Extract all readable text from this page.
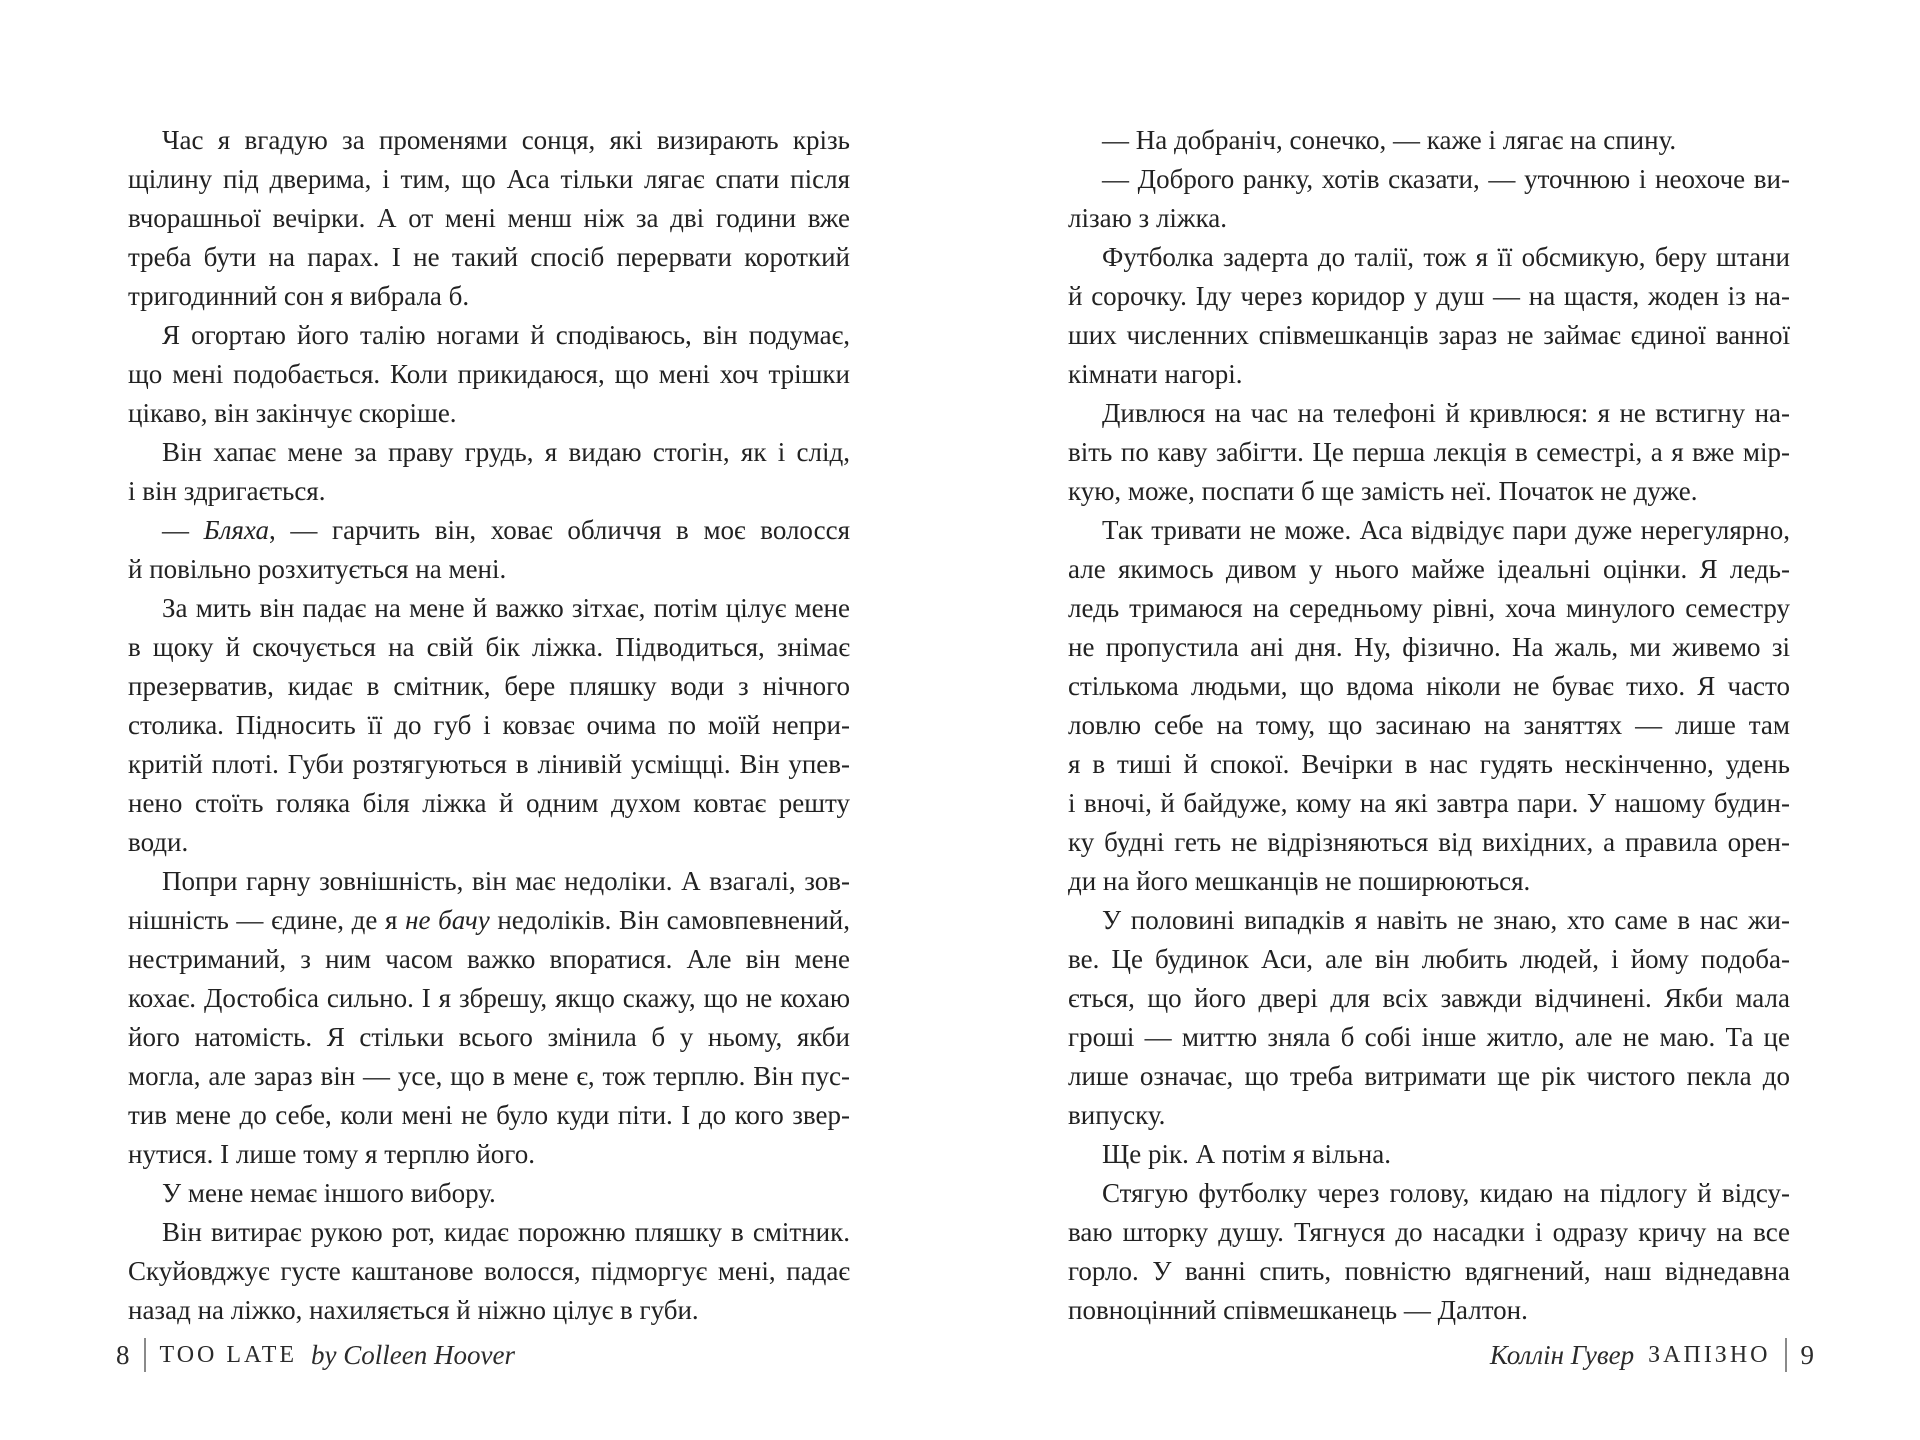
Час я вгадую за променями сонця, які визирають крізь
щілину під дверима, і тим, що Аса тільки лягає спати після
вчорашньої вечірки. А от мені менш ніж за дві години вже
треба бути на парах. І не такий спосіб перервати короткий
тригодинний сон я вибрала б.
Я огортаю його талію ногами й сподіваюсь, він подумає,
що мені подобається. Коли прикидаюся, що мені хоч трішки
цікаво, він закінчує скоріше.
Він хапає мене за праву грудь, я видаю стогін, як і слід,
і він здригається.
— Бляха, — гарчить він, ховає обличчя в моє волосся
й повільно розхитується на мені.
За мить він падає на мене й важко зітхає, потім цілує мене
в щоку й скочується на свій бік ліжка. Підводиться, знімає
презерватив, кидає в смітник, бере пляшку води з нічного
столика. Підносить її до губ і ковзає очима по моїй непри-
критій плоті. Губи розтягуються в лінивій усміщці. Він упев-
нено стоїть голяка біля ліжка й одним духом ковтає решту
води.
Попри гарну зовнішність, він має недоліки. А взагалі, зов-
нішність — єдине, де я не бачу недоліків. Він самовпевнений,
нестриманий, з ним часом важко впоратися. Але він мене
кохає. Достобіса сильно. І я збрешу, якщо скажу, що не кохаю
його натомість. Я стільки всього змінила б у ньому, якби
могла, але зараз він — усе, що в мене є, тож терплю. Він пус-
тив мене до себе, коли мені не було куди піти. І до кого звер-
нутися. І лише тому я терплю його.
У мене немає іншого вибору.
Він витирає рукою рот, кидає порожню пляшку в смітник.
Скуйовджує густе каштанове волосся, підморгує мені, падає
назад на ліжко, нахиляється й ніжно цілує в губи.
— На добраніч, сонечко, — каже і лягає на спину.
— Доброго ранку, хотів сказати, — уточнюю і неохоче ви-
лізаю з ліжка.
Футболка задерта до талії, тож я її обсмикую, беру штани
й сорочку. Іду через коридор у душ — на щастя, жоден із на-
ших численних співмешканців зараз не займає єдиної ванної
кімнати нагорі.
Дивлюся на час на телефоні й кривлюся: я не встигну на-
віть по каву забігти. Це перша лекція в семестрі, а я вже мір-
кую, може, поспати б ще замість неї. Початок не дуже.
Так тривати не може. Аса відвідує пари дуже нерегулярно,
але якимось дивом у нього майже ідеальні оцінки. Я ледь-
ледь тримаюся на середньому рівні, хоча минулого семестру
не пропустила ані дня. Ну, фізично. На жаль, ми живемо зі
стількома людьми, що вдома ніколи не буває тихо. Я часто
ловлю себе на тому, що засинаю на заняттях — лише там
я в тиші й спокої. Вечірки в нас гудять нескінченно, удень
і вночі, й байдуже, кому на які завтра пари. У нашому будин-
ку будні геть не відрізняються від вихідних, а правила орен-
ди на його мешканців не поширюються.
У половині випадків я навіть не знаю, хто саме в нас жи-
ве. Це будинок Аси, але він любить людей, і йому подоба-
ється, що його двері для всіх завжди відчинені. Якби мала
гроші — миттю зняла б собі інше житло, але не маю. Та це
лише означає, що треба витримати ще рік чистого пекла до
випуску.
Ще рік. А потім я вільна.
Стягую футболку через голову, кидаю на підлогу й відсу-
ваю шторку душу. Тягнуся до насадки і одразу кричу на все
горло. У ванні спить, повністю вдягнений, наш віднедавна
повноцінний співмешканець — Далтон.
8 TOO LATE by Colleen Hoover	Коллін Гувер ЗАПІЗНО 9
